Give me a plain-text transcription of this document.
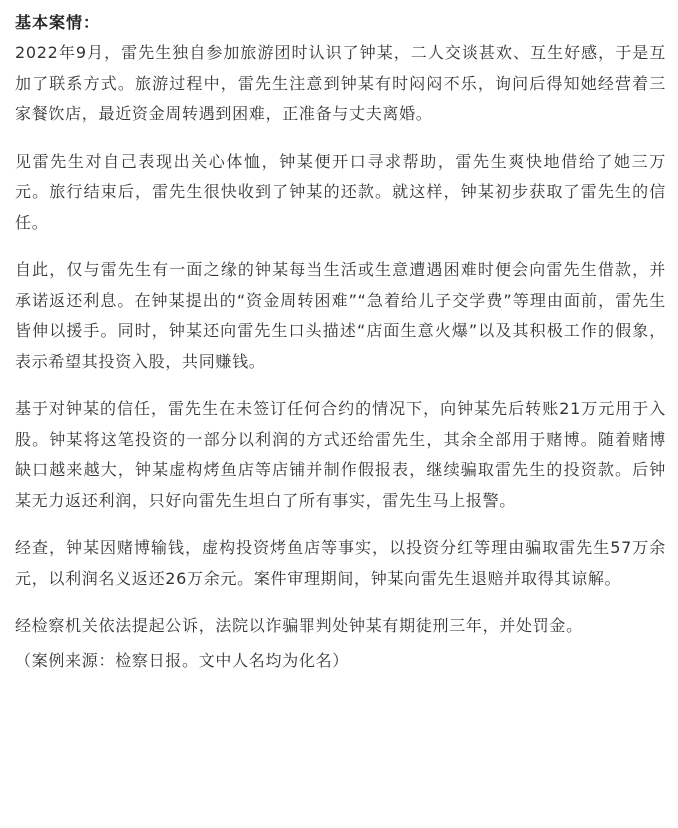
基本案情：

2022年9月，雷先生独自参加旅游团时认识了钟某，二人交谈甚欢、互生好感，于是互加了联系方式。旅游过程中，雷先生注意到钟某有时闷闷不乐，询问后得知她经营着三家餐饮店，最近资金周转遇到困难，正准备与丈夫离婚。

见雷先生对自己表现出关心体恤，钟某便开口寻求帮助，雷先生爽快地借给了她三万元。旅行结束后，雷先生很快收到了钟某的还款。就这样，钟某初步获取了雷先生的信任。

自此，仅与雷先生有一面之缘的钟某每当生活或生意遭遇困难时便会向雷先生借款，并承诺返还利息。在钟某提出的“资金周转困难”“急着给儿子交学费”等理由面前，雷先生皆伸以援手。同时，钟某还向雷先生口头描述“店面生意火爆”以及其积极工作的假象，表示希望其投资入股，共同赚钱。

基于对钟某的信任，雷先生在未签订任何合约的情况下，向钟某先后转账21万元用于入股。钟某将这笔投资的一部分以利润的方式还给雷先生，其余全部用于赌博。随着赌博缺口越来越大，钟某虚构烤鱼店等店铺并制作假报表，继续骗取雷先生的投资款。后钟某无力返还利润，只好向雷先生坦白了所有事实，雷先生马上报警。

经查，钟某因赌博输钱，虚构投资烤鱼店等事实，以投资分红等理由骗取雷先生57万余元，以利润名义返还26万余元。案件审理期间，钟某向雷先生退赔并取得其谅解。

经检察机关依法提起公诉，法院以诈骗罪判处钟某有期徒刑三年，并处罚金。

（案例来源：检察日报。文中人名均为化名）
